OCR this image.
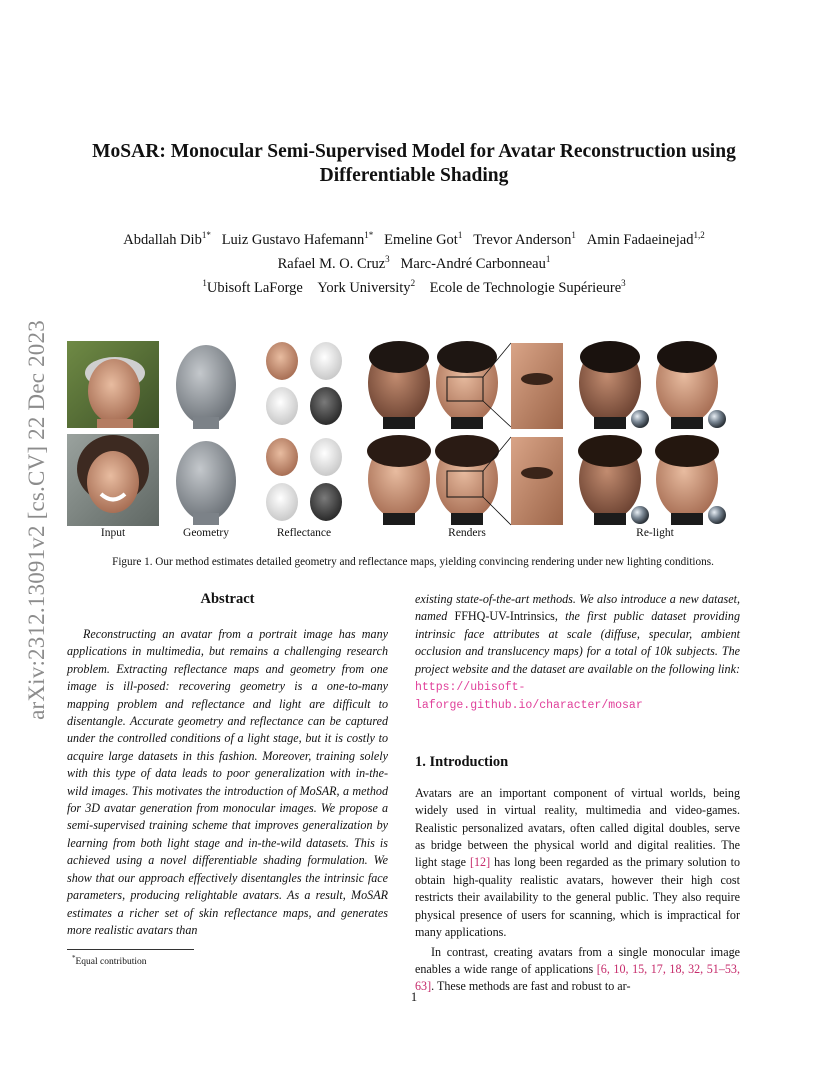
arXiv:2312.13091v2 [cs.CV] 22 Dec 2023
MoSAR: Monocular Semi-Supervised Model for Avatar Reconstruction using
Differentiable Shading
Abdallah Dib$^{1*}$ Luiz Gustavo Hafemann$^{1*}$ Emeline Got$^1$ Trevor Anderson$^1$ Amin Fadaeinejad$^{1,2}$
Rafael M. O. Cruz$^3$ Marc-André Carbonneau$^1$
$^1$Ubisoft LaForge York University$^2$ Ecole de Technologie Supérieure$^3$
Input	Geometry	Reflectance	Renders	Re-light
Figure 1. Our method estimates detailed geometry and reflectance maps, yielding convincing rendering under new lighting conditions.
Abstract

Reconstructing an avatar from a portrait image has many applications in multimedia, but remains a challenging research problem. Extracting reflectance maps and geometry from one image is ill-posed: recovering geometry is a one-to-many mapping problem and reflectance and light are difficult to disentangle. Accurate geometry and reflectance can be captured under the controlled conditions of a light stage, but it is costly to acquire large datasets in this fashion. Moreover, training solely with this type of data leads to poor generalization with in-the-wild images. This motivates the introduction of MoSAR, a method for 3D avatar generation from monocular images. We propose a semi-supervised training scheme that improves generalization by learning from both light stage and in-the-wild datasets. This is achieved using a novel differentiable shading formulation. We show that our approach effectively disentangles the intrinsic face parameters, producing relightable avatars. As a result, MoSAR estimates a richer set of skin reflectance maps, and generates more realistic avatars than

existing state-of-the-art methods. We also introduce a new dataset, named FFHQ-UV-Intrinsics, the first public dataset providing intrinsic face attributes at scale (diffuse, specular, ambient occlusion and translucency maps) for a total of 10k subjects. The project website and the dataset are available on the following link: https://ubisoft-laforge.github.io/character/mosar

1. Introduction

Avatars are an important component of virtual worlds, being widely used in virtual reality, multimedia and video-games. Realistic personalized avatars, often called digital doubles, serve as bridge between the physical world and digital realities. The light stage [12] has long been regarded as the primary solution to obtain high-quality realistic avatars, however their high cost restricts their availability to the general public. They also require physical presence of users for scanning, which is impractical for many applications.

In contrast, creating avatars from a single monocular image enables a wide range of applications [6, 10, 15, 17, 18, 32, 51–53, 63]. These methods are fast and robust to ar-

*Equal contribution
1
